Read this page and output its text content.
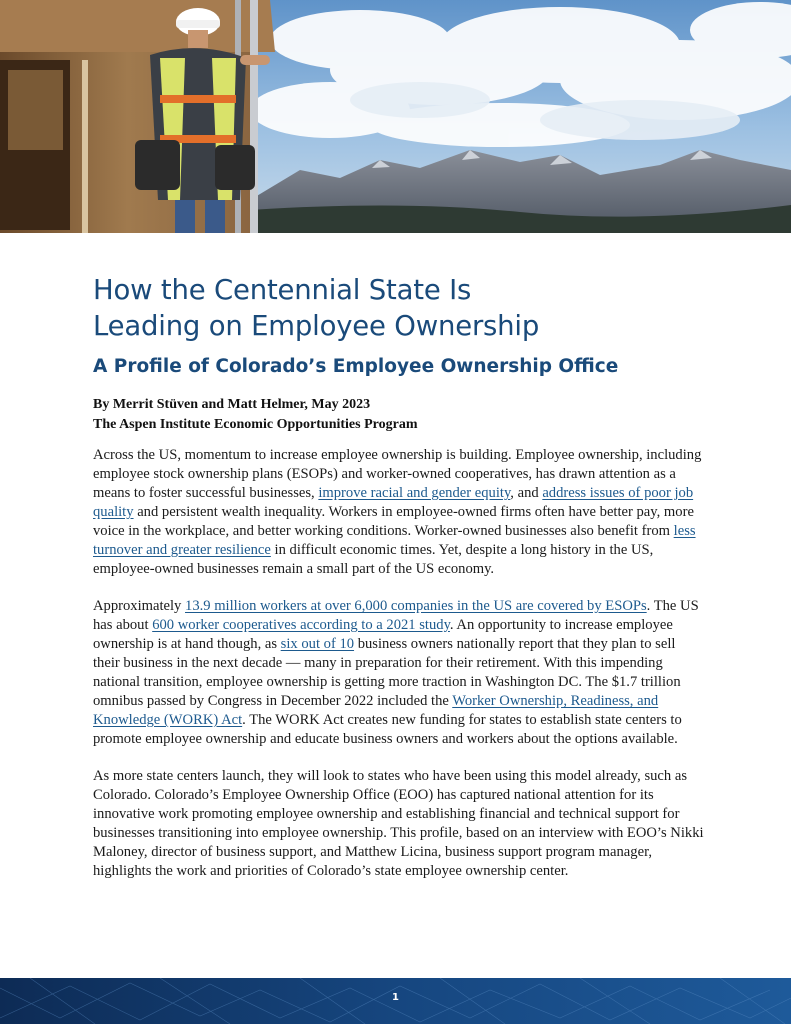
How the Centennial State Is
Leading on Employee Ownership
A Profile of Colorado’s Employee Ownership Office
By Merrit Stüven and Matt Helmer, May 2023
The Aspen Institute Economic Opportunities Program

Across the US, momentum to increase employee ownership is building. Employee ownership, including employee stock ownership plans (ESOPs) and worker-owned cooperatives, has drawn attention as a means to foster successful businesses, improve racial and gender equity, and address issues of poor job quality and persistent wealth inequality. Workers in employee-owned firms often have better pay, more voice in the workplace, and better working conditions. Worker-owned businesses also benefit from less turnover and greater resilience in difficult economic times. Yet, despite a long history in the US, employee-owned businesses remain a small part of the US economy.

Approximately 13.9 million workers at over 6,000 companies in the US are covered by ESOPs. The US has about 600 worker cooperatives according to a 2021 study. An opportunity to increase employee ownership is at hand though, as six out of 10 business owners nationally report that they plan to sell their business in the next decade — many in preparation for their retirement. With this impending national transition, employee ownership is getting more traction in Washington DC. The $1.7 trillion omnibus passed by Congress in December 2022 included the Worker Ownership, Readiness, and Knowledge (WORK) Act. The WORK Act creates new funding for states to establish state centers to promote employee ownership and educate business owners and workers about the options available.

As more state centers launch, they will look to states who have been using this model already, such as Colorado. Colorado’s Employee Ownership Office (EOO) has captured national attention for its innovative work promoting employee ownership and establishing financial and technical support for businesses transitioning into employee ownership. This profile, based on an interview with EOO’s Nikki Maloney, director of business support, and Matthew Licina, business support program manager, highlights the work and priorities of Colorado’s state employee ownership center.

1
